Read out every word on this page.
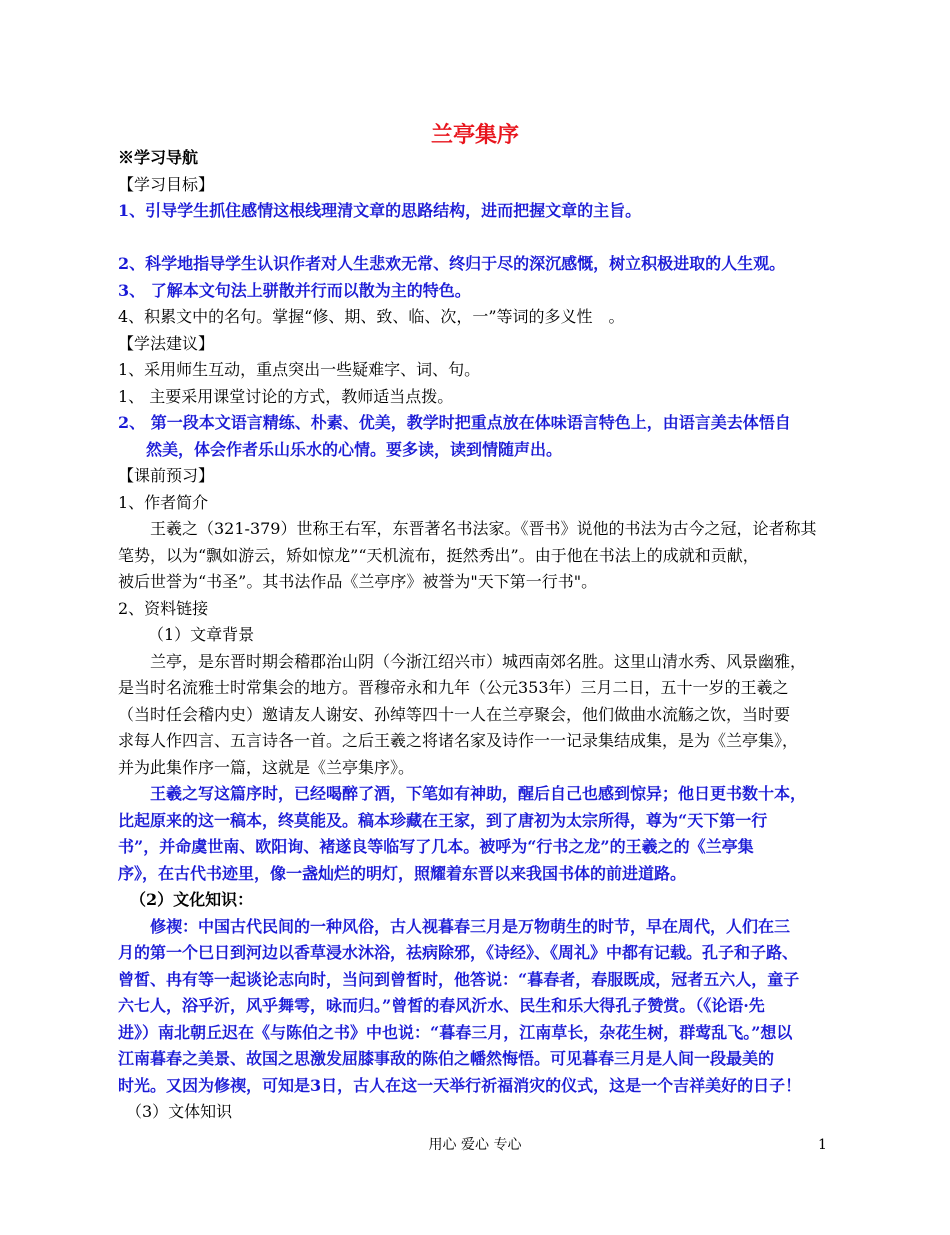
兰亭集序

※学习导航

【学习目标】

1、引导学生抓住感情这根线理清文章的思路结构，进而把握文章的主旨。

2、科学地指导学生认识作者对人生悲欢无常、终归于尽的深沉感慨，树立积极进取的人生观。

3、 了解本文句法上骈散并行而以散为主的特色。

4、积累文中的名句。掌握“修、期、致、临、次，一”等词的多义性　。

【学法建议】

1、采用师生互动，重点突出一些疑难字、词、句。

1、 主要采用课堂讨论的方式，教师适当点拨。

2、 第一段本文语言精练、朴素、优美，教学时把重点放在体味语言特色上，由语言美去体悟自

然美，体会作者乐山乐水的心情。要多读，读到情随声出。

【课前预习】

1、作者简介

王羲之（321-379）世称王右军，东晋著名书法家。《晋书》说他的书法为古今之冠，论者称其

笔势，以为“飘如游云，矫如惊龙”“天机流布，挺然秀出”。由于他在书法上的成就和贡献，

被后世誉为“书圣”。其书法作品《兰亭序》被誉为"天下第一行书"。

2、资料链接

（1）文章背景

兰亭，是东晋时期会稽郡治山阴（今浙江绍兴市）城西南郊名胜。这里山清水秀、风景幽雅，

是当时名流雅士时常集会的地方。晋穆帝永和九年（公元353年）三月二日，五十一岁的王羲之

（当时任会稽内史）邀请友人谢安、孙绰等四十一人在兰亭聚会，他们做曲水流觞之饮，当时要

求每人作四言、五言诗各一首。之后王羲之将诸名家及诗作一一记录集结成集，是为《兰亭集》，

并为此集作序一篇，这就是《兰亭集序》。

王羲之写这篇序时，已经喝醉了酒，下笔如有神助，醒后自己也感到惊异；他日更书数十本，

比起原来的这一稿本，终莫能及。稿本珍藏在王家，到了唐初为太宗所得，尊为“天下第一行

书”，并命虞世南、欧阳询、褚遂良等临写了几本。被呼为“行书之龙”的王羲之的《兰亭集

序》，在古代书迹里，像一盏灿烂的明灯，照耀着东晋以来我国书体的前进道路。

（2）文化知识：

修禊：中国古代民间的一种风俗，古人视暮春三月是万物萌生的时节，早在周代，人们在三

月的第一个巳日到河边以香草浸水沐浴，祛病除邪，《诗经》、《周礼》中都有记载。孔子和子路、

曾皙、冉有等一起谈论志向时，当问到曾皙时，他答说：“暮春者，春服既成，冠者五六人，童子

六七人，浴乎沂，风乎舞雩，咏而归。”曾皙的春风沂水、民生和乐大得孔子赞赏。（《论语·先

进》）南北朝丘迟在《与陈伯之书》中也说：“暮春三月，江南草长，杂花生树，群莺乱飞。”想以

江南暮春之美景、故国之思激发屈膝事敌的陈伯之幡然悔悟。可见暮春三月是人间一段最美的

时光。又因为修禊，可知是3日，古人在这一天举行祈福消灾的仪式，这是一个吉祥美好的日子！

（3）文体知识

用心 爱心 专心	1
